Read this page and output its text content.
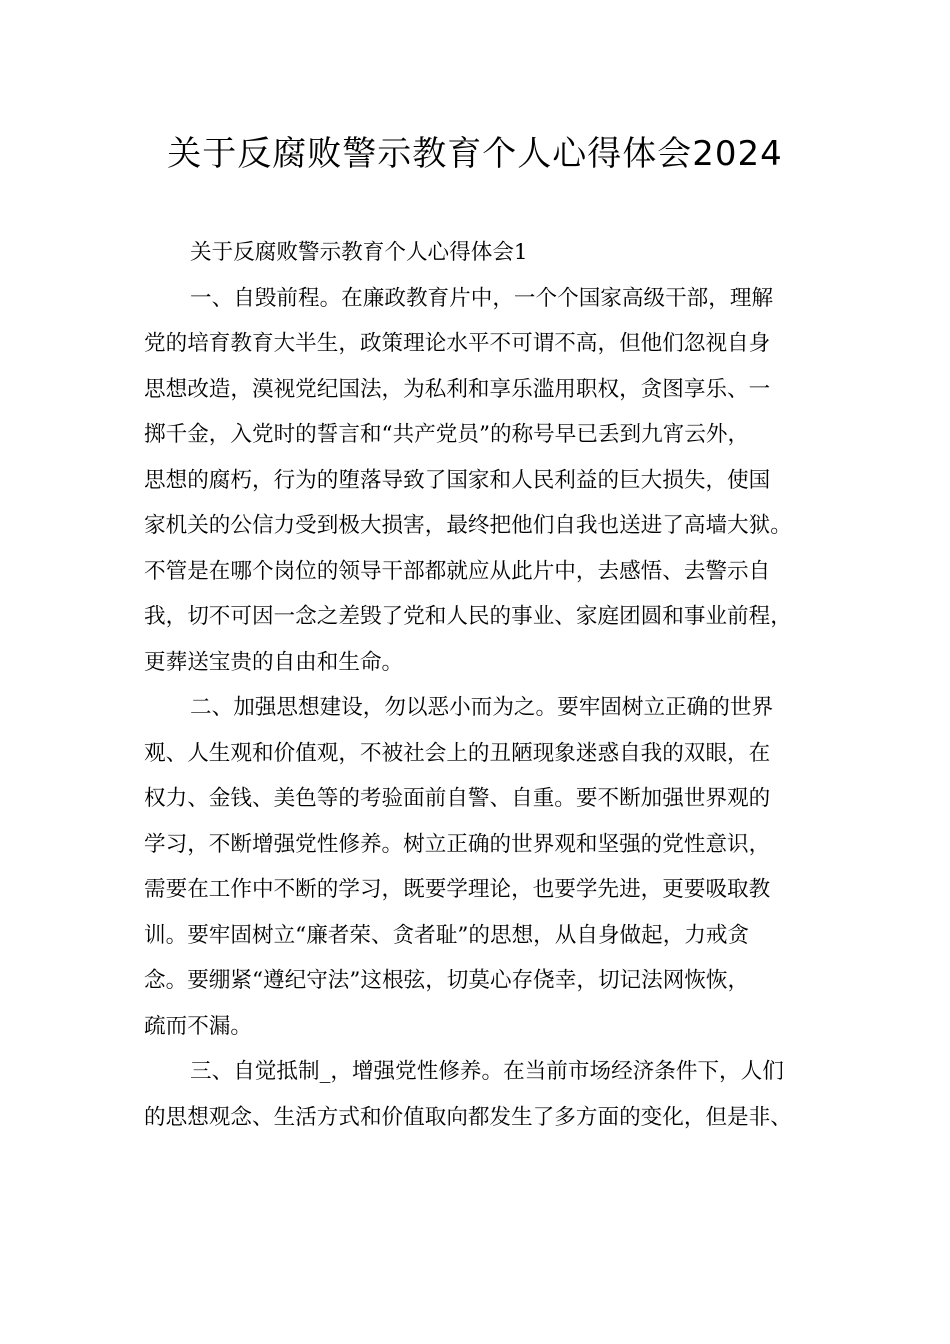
关于反腐败警示教育个人心得体会2024
关于反腐败警示教育个人心得体会1
一、自毁前程。在廉政教育片中，一个个国家高级干部，理解
党的培育教育大半生，政策理论水平不可谓不高，但他们忽视自身
思想改造，漠视党纪国法，为私利和享乐滥用职权，贪图享乐、一
掷千金，入党时的誓言和“共产党员”的称号早已丢到九宵云外，
思想的腐朽，行为的堕落导致了国家和人民利益的巨大损失，使国
家机关的公信力受到极大损害，最终把他们自我也送进了高墙大狱。
不管是在哪个岗位的领导干部都就应从此片中，去感悟、去警示自
我，切不可因一念之差毁了党和人民的事业、家庭团圆和事业前程，
更葬送宝贵的自由和生命。
二、加强思想建设，勿以恶小而为之。要牢固树立正确的世界
观、人生观和价值观，不被社会上的丑陋现象迷惑自我的双眼，在
权力、金钱、美色等的考验面前自警、自重。要不断加强世界观的
学习，不断增强党性修养。树立正确的世界观和坚强的党性意识，
需要在工作中不断的学习，既要学理论，也要学先进，更要吸取教
训。要牢固树立“廉者荣、贪者耻”的思想，从自身做起，力戒贪
念。要绷紧“遵纪守法”这根弦，切莫心存侥幸，切记法网恢恢，
疏而不漏。
三、自觉抵制_，增强党性修养。在当前市场经济条件下，人们
的思想观念、生活方式和价值取向都发生了多方面的变化，但是非、
